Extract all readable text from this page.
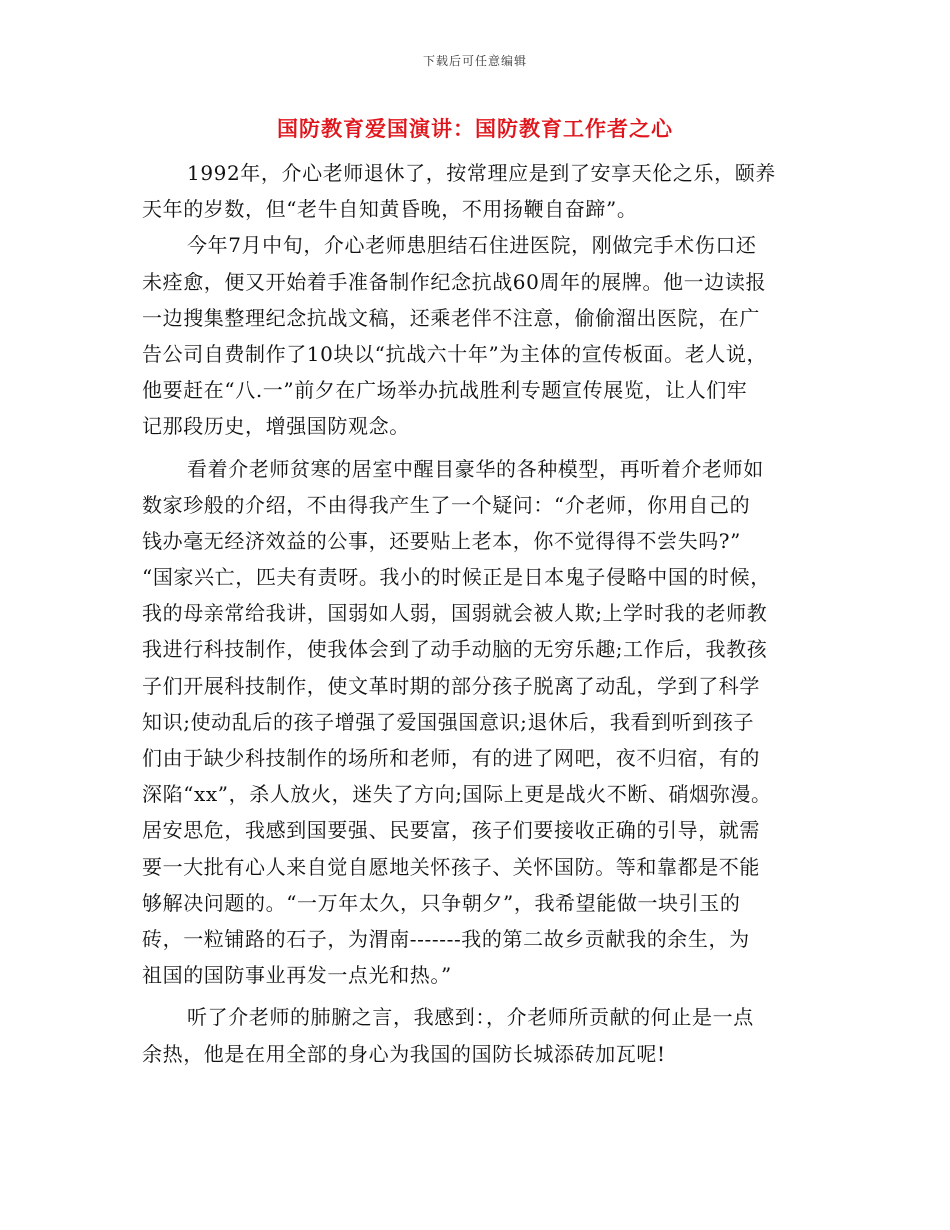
下载后可任意编辑
国防教育爱国演讲：国防教育工作者之心
1992年，介心老师退休了，按常理应是到了安享天伦之乐，颐养
天年的岁数，但“老牛自知黄昏晚，不用扬鞭自奋蹄”。
今年7月中旬，介心老师患胆结石住进医院，刚做完手术伤口还
未痊愈，便又开始着手准备制作纪念抗战60周年的展牌。他一边读报
一边搜集整理纪念抗战文稿，还乘老伴不注意，偷偷溜出医院，在广
告公司自费制作了10块以“抗战六十年”为主体的宣传板面。老人说，
他要赶在“八.一”前夕在广场举办抗战胜利专题宣传展览，让人们牢
记那段历史，增强国防观念。
看着介老师贫寒的居室中醒目豪华的各种模型，再听着介老师如
数家珍般的介绍，不由得我产生了一个疑问：“介老师，你用自己的
钱办毫无经济效益的公事，还要贴上老本，你不觉得得不尝失吗?”
“国家兴亡，匹夫有责呀。我小的时候正是日本鬼子侵略中国的时候，
我的母亲常给我讲，国弱如人弱，国弱就会被人欺;上学时我的老师教
我进行科技制作，使我体会到了动手动脑的无穷乐趣;工作后，我教孩
子们开展科技制作，使文革时期的部分孩子脱离了动乱，学到了科学
知识;使动乱后的孩子增强了爱国强国意识;退休后，我看到听到孩子
们由于缺少科技制作的场所和老师，有的进了网吧，夜不归宿，有的
深陷“xx”，杀人放火，迷失了方向;国际上更是战火不断、硝烟弥漫。
居安思危，我感到国要强、民要富，孩子们要接收正确的引导，就需
要一大批有心人来自觉自愿地关怀孩子、关怀国防。等和靠都是不能
够解决问题的。“一万年太久，只争朝夕”，我希望能做一块引玉的
砖，一粒铺路的石子，为渭南-------我的第二故乡贡献我的余生，为
祖国的国防事业再发一点光和热。”
听了介老师的肺腑之言，我感到：，介老师所贡献的何止是一点
余热，他是在用全部的身心为我国的国防长城添砖加瓦呢!
